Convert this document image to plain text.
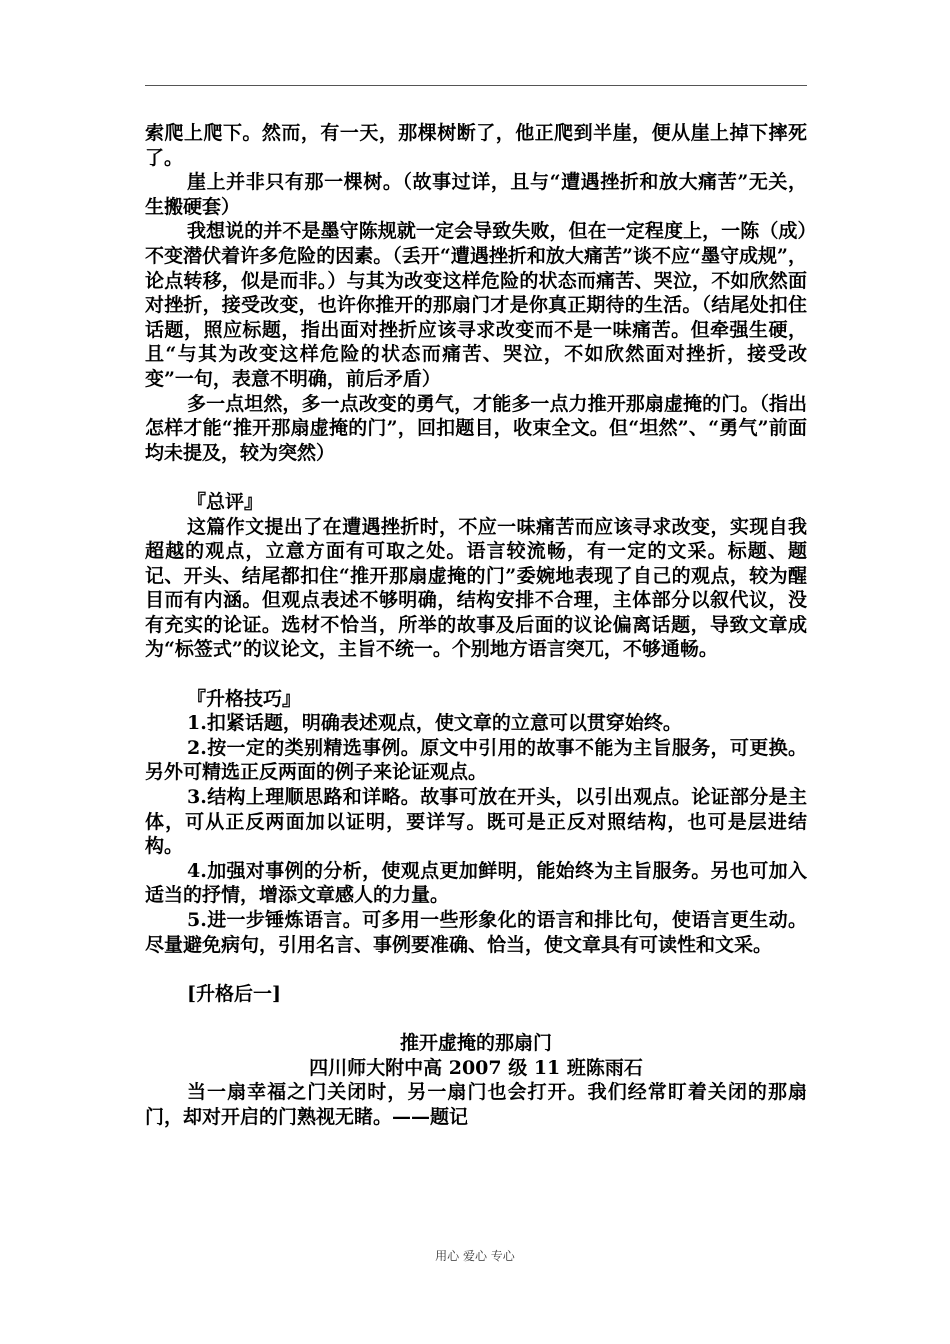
索爬上爬下。然而，有一天，那棵树断了，他正爬到半崖，便从崖上掉下摔死了。

崖上并非只有那一棵树。（故事过详，且与“遭遇挫折和放大痛苦”无关，生搬硬套）

我想说的并不是墨守陈规就一定会导致失败，但在一定程度上，一陈（成）不变潜伏着许多危险的因素。（丢开“遭遇挫折和放大痛苦”谈不应“墨守成规”，论点转移，似是而非。）与其为改变这样危险的状态而痛苦、哭泣，不如欣然面对挫折，接受改变，也许你推开的那扇门才是你真正期待的生活。（结尾处扣住话题，照应标题，指出面对挫折应该寻求改变而不是一味痛苦。但牵强生硬，且“与其为改变这样危险的状态而痛苦、哭泣，不如欣然面对挫折，接受改变”一句，表意不明确，前后矛盾）

多一点坦然，多一点改变的勇气，才能多一点力推开那扇虚掩的门。（指出怎样才能“推开那扇虚掩的门”，回扣题目，收束全文。但“坦然”、“勇气”前面均未提及，较为突然）

『总评』

这篇作文提出了在遭遇挫折时，不应一味痛苦而应该寻求改变，实现自我超越的观点，立意方面有可取之处。语言较流畅，有一定的文采。标题、题记、开头、结尾都扣住“推开那扇虚掩的门”委婉地表现了自己的观点，较为醒目而有内涵。但观点表述不够明确，结构安排不合理，主体部分以叙代议，没有充实的论证。选材不恰当，所举的故事及后面的议论偏离话题，导致文章成为“标签式”的议论文，主旨不统一。个别地方语言突兀，不够通畅。

『升格技巧』

1.扣紧话题，明确表述观点，使文章的立意可以贯穿始终。

2.按一定的类别精选事例。原文中引用的故事不能为主旨服务，可更换。另外可精选正反两面的例子来论证观点。

3.结构上理顺思路和详略。故事可放在开头，以引出观点。论证部分是主体，可从正反两面加以证明，要详写。既可是正反对照结构，也可是层进结构。

4.加强对事例的分析，使观点更加鲜明，能始终为主旨服务。另也可加入适当的抒情，增添文章感人的力量。

5.进一步锤炼语言。可多用一些形象化的语言和排比句，使语言更生动。尽量避免病句，引用名言、事例要准确、恰当，使文章具有可读性和文采。

[升格后一]

推开虚掩的那扇门

四川师大附中高 2007 级 11 班陈雨石

当一扇幸福之门关闭时，另一扇门也会打开。我们经常盯着关闭的那扇门，却对开启的门熟视无睹。——题记

用心 爱心 专心
